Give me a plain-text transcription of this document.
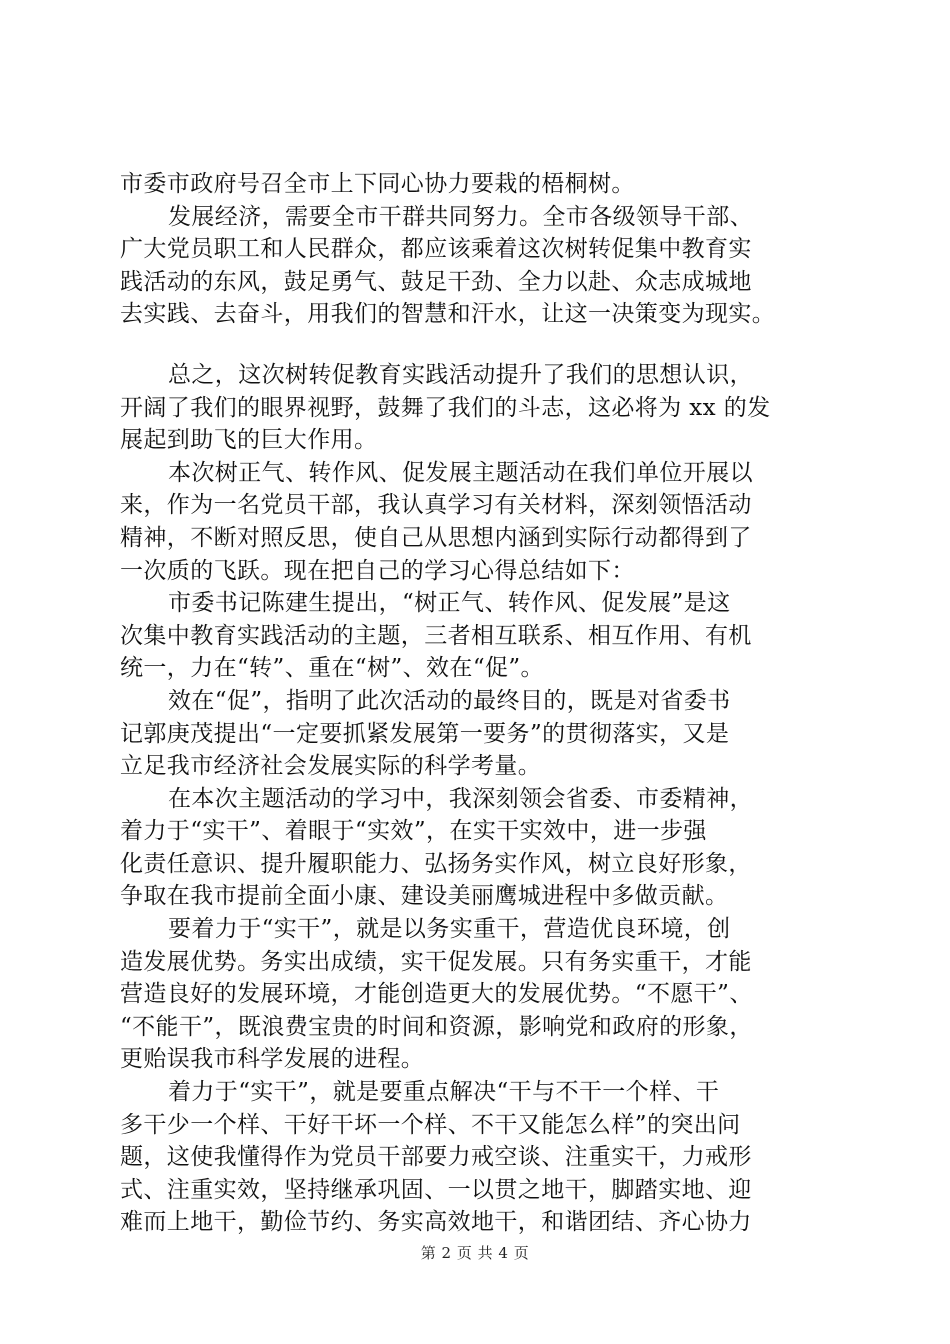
市委市政府号召全市上下同心协力要栽的梧桐树。
发展经济，需要全市干群共同努力。全市各级领导干部、
广大党员职工和人民群众，都应该乘着这次树转促集中教育实
践活动的东风，鼓足勇气、鼓足干劲、全力以赴、众志成城地
去实践、去奋斗，用我们的智慧和汗水，让这一决策变为现实。
总之，这次树转促教育实践活动提升了我们的思想认识，
开阔了我们的眼界视野，鼓舞了我们的斗志，这必将为 xx 的发
展起到助飞的巨大作用。
本次树正气、转作风、促发展主题活动在我们单位开展以
来，作为一名党员干部，我认真学习有关材料，深刻领悟活动
精神，不断对照反思，使自己从思想内涵到实际行动都得到了
一次质的飞跃。现在把自己的学习心得总结如下：
市委书记陈建生提出，“树正气、转作风、促发展”是这
次集中教育实践活动的主题，三者相互联系、相互作用、有机
统一，力在“转”、重在“树”、效在“促”。
效在“促”，指明了此次活动的最终目的，既是对省委书
记郭庚茂提出“一定要抓紧发展第一要务”的贯彻落实，又是
立足我市经济社会发展实际的科学考量。
在本次主题活动的学习中，我深刻领会省委、市委精神，
着力于“实干”、着眼于“实效”，在实干实效中，进一步强
化责任意识、提升履职能力、弘扬务实作风，树立良好形象，
争取在我市提前全面小康、建设美丽鹰城进程中多做贡献。
要着力于“实干”，就是以务实重干，营造优良环境，创
造发展优势。务实出成绩，实干促发展。只有务实重干，才能
营造良好的发展环境，才能创造更大的发展优势。“不愿干”、
“不能干”，既浪费宝贵的时间和资源，影响党和政府的形象，
更贻误我市科学发展的进程。
着力于“实干”，就是要重点解决“干与不干一个样、干
多干少一个样、干好干坏一个样、不干又能怎么样”的突出问
题，这使我懂得作为党员干部要力戒空谈、注重实干，力戒形
式、注重实效，坚持继承巩固、一以贯之地干，脚踏实地、迎
难而上地干，勤俭节约、务实高效地干，和谐团结、齐心协力
第 2 页 共 4 页
